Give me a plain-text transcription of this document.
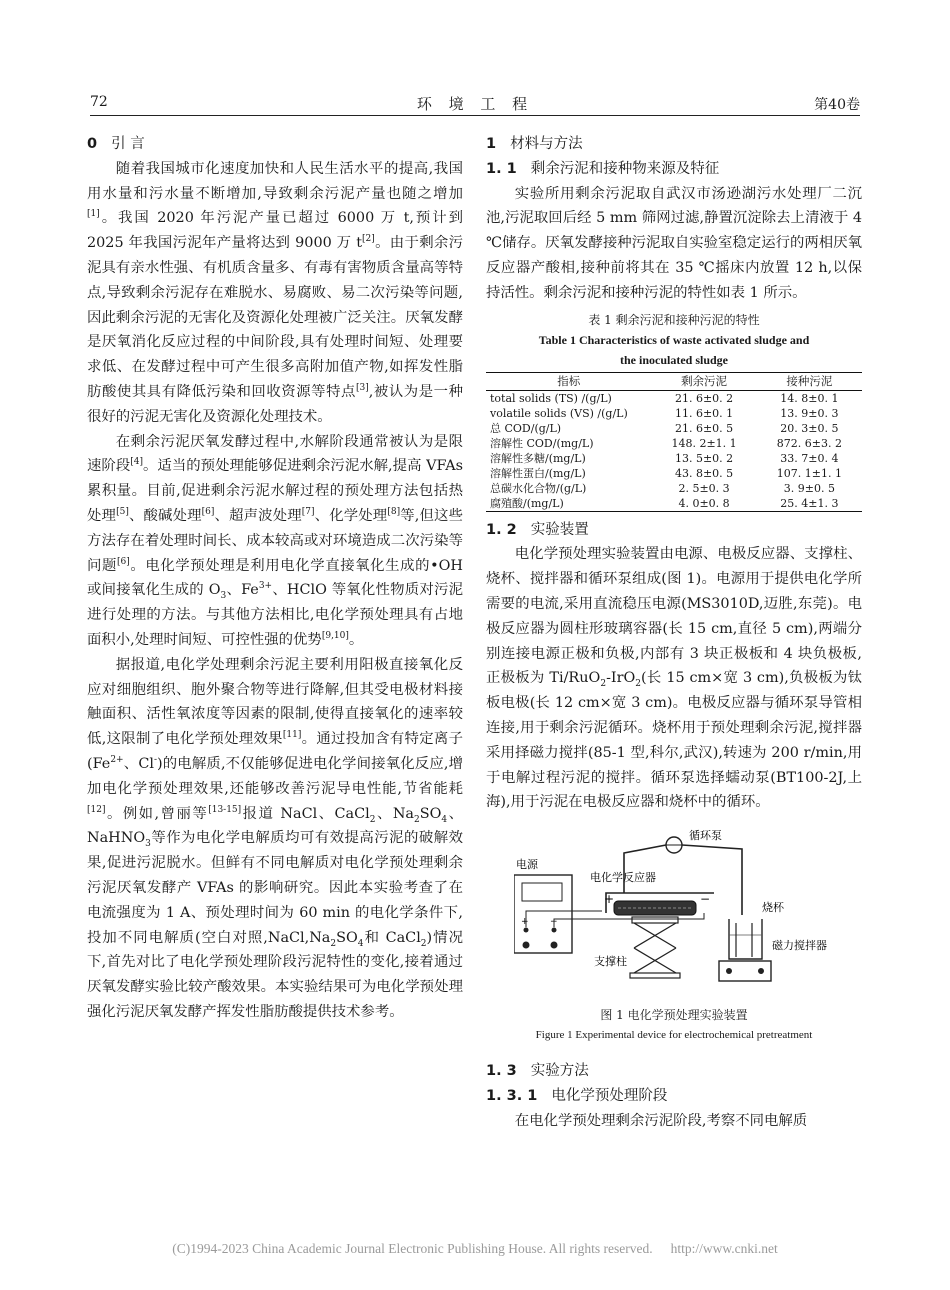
72	环 境 工 程	第40卷
0 引 言

随着我国城市化速度加快和人民生活水平的提高,我国用水量和污水量不断增加,导致剩余污泥产量也随之增加[1]。我国 2020 年污泥产量已超过 6000 万 t,预计到 2025 年我国污泥年产量将达到 9000 万 t[2]。由于剩余污泥具有亲水性强、有机质含量多、有毒有害物质含量高等特点,导致剩余污泥存在难脱水、易腐败、易二次污染等问题,因此剩余污泥的无害化及资源化处理被广泛关注。厌氧发酵是厌氧消化反应过程的中间阶段,具有处理时间短、处理要求低、在发酵过程中可产生很多高附加值产物,如挥发性脂肪酸使其具有降低污染和回收资源等特点[3],被认为是一种很好的污泥无害化及资源化处理技术。

在剩余污泥厌氧发酵过程中,水解阶段通常被认为是限速阶段[4]。适当的预处理能够促进剩余污泥水解,提高 VFAs 累积量。目前,促进剩余污泥水解过程的预处理方法包括热处理[5]、酸碱处理[6]、超声波处理[7]、化学处理[8]等,但这些方法存在着处理时间长、成本较高或对环境造成二次污染等问题[6]。电化学预处理是利用电化学直接氧化生成的•OH 或间接氧化生成的 $O_3$、$Fe^{3+}$、HClO 等氧化性物质对污泥进行处理的方法。与其他方法相比,电化学预处理具有占地面积小,处理时间短、可控性强的优势[9,10]。

据报道,电化学处理剩余污泥主要利用阳极直接氧化反应对细胞组织、胞外聚合物等进行降解,但其受电极材料接触面积、活性氧浓度等因素的限制,使得直接氧化的速率较低,这限制了电化学预处理效果[11]。通过投加含有特定离子($Fe^{2+}$、Cl-)的电解质,不仅能够促进电化学间接氧化反应,增加电化学预处理效果,还能够改善污泥导电性能,节省能耗[12]。例如,曾丽等[13-15]报道 NaCl、CaCl$_2$、$Na_2SO_4$、NaHNO$_3$等作为电化学电解质均可有效提高污泥的破解效果,促进污泥脱水。但鲜有不同电解质对电化学预处理剩余污泥厌氧发酵产 VFAs 的影响研究。因此本实验考查了在电流强度为 1 A、预处理时间为 60 min 的电化学条件下,投加不同电解质(空白对照$,NaCl,Na_2SO_4$和 CaCl$_2$)情况下,首先对比了电化学预处理阶段污泥特性的变化,接着通过厌氧发酵实验比较产酸效果。本实验结果可为电化学预处理强化污泥厌氧发酵产挥发性脂肪酸提供技术参考。

1 材料与方法
1. 1 剩余污泥和接种物来源及特征

实验所用剩余污泥取自武汉市汤逊湖污水处理厂二沉池,污泥取回后经 5 mm 筛网过滤,静置沉淀除去上清液于 4 ℃储存。厌氧发酵接种污泥取自实验室稳定运行的两相厌氧反应器产酸相,接种前将其在 35 ℃摇床内放置 12 h,以保持活性。剩余污泥和接种污泥的特性如表 1 所示。

表 1 剩余污泥和接种污泥的特性
Table 1 Characteristics of waste activated sludge and
the inoculated sludge
指标	剩余污泥	接种污泥
total solids (TS) /(g/L)	21. 6±0. 2	14. 8±0. 1
volatile solids (VS) /(g/L)	11. 6±0. 1	13. 9±0. 3
总 COD/(g/L)	21. 6±0. 5	20. 3±0. 5
溶解性 COD/(mg/L)	148. 2±1. 1	872. 6±3. 2
溶解性多糖/(mg/L)	13. 5±0. 2	33. 7±0. 4
溶解性蛋白/(mg/L)	43. 8±0. 5	107. 1±1. 1
总碳水化合物/(g/L)	2. 5±0. 3	3. 9±0. 5
腐殖酸/(mg/L)	4. 0±0. 8	25. 4±1. 3
1. 2 实验装置

电化学预处理实验装置由电源、电极反应器、支撑柱、烧杯、搅拌器和循环泵组成(图 1)。电源用于提供电化学所需要的电流,采用直流稳压电源(MS3010D,迈胜,东莞)。电极反应器为圆柱形玻璃容器(长 15 cm,直径 5 cm),两端分别连接电源正极和负极,内部有 3 块正极板和 4 块负极板,正极板为 Ti/RuO$_2$-IrO$_2$(长 15 cm×宽 3 cm),负极板为钛板电极(长 12 cm×宽 3 cm)。电极反应器与循环泵导管相连接,用于剩余污泥循环。烧杯用于预处理剩余污泥,搅拌器采用择磁力搅拌(85-1 型,科尔,武汉),转速为 200 r/min,用于电解过程污泥的搅拌。循环泵选择蠕动泵(BT100-2J,上海),用于污泥在电极反应器和烧杯中的循环。

循环泵
电源
+ −
电化学反应器
+	−
支撑柱
烧杯
磁力搅拌器
图 1 电化学预处理实验装置
Figure 1 Experimental device for electrochemical pretreatment
1. 3 实验方法
1. 3. 1 电化学预处理阶段

在电化学预处理剩余污泥阶段,考察不同电解质

(C)1994-2023 China Academic Journal Electronic Publishing House. All rights reserved. http://www.cnki.net
